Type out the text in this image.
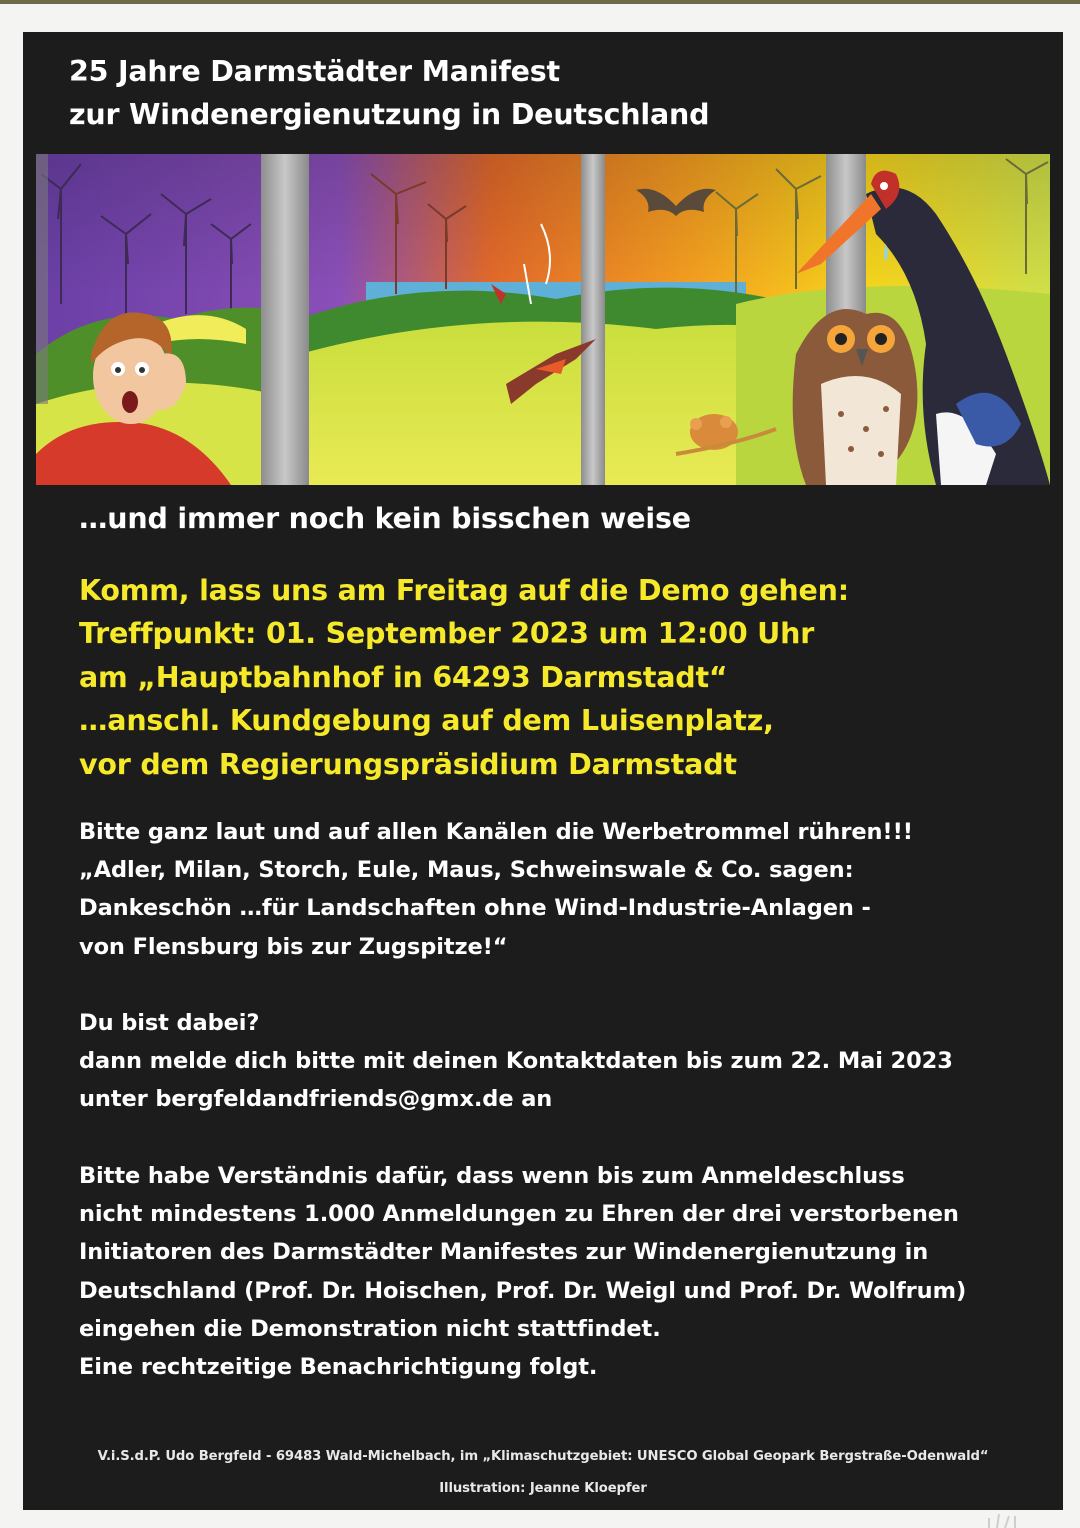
25 Jahre Darmstädter Manifest
zur Windenergienutzung in Deutschland

…und immer noch kein bisschen weise

Komm, lass uns am Freitag auf die Demo gehen:
Treffpunkt: 01. September 2023 um 12:00 Uhr
am „Hauptbahnhof in 64293 Darmstadt“
…anschl. Kundgebung auf dem Luisenplatz,
vor dem Regierungspräsidium Darmstadt
Bitte ganz laut und auf allen Kanälen die Werbetrommel rühren!!!
„Adler, Milan, Storch, Eule, Maus, Schweinswale & Co. sagen:
Dankeschön …für Landschaften ohne Wind-Industrie-Anlagen -
von Flensburg bis zur Zugspitze!“
Du bist dabei?
dann melde dich bitte mit deinen Kontaktdaten bis zum 22. Mai 2023
unter bergfeldandfriends@gmx.de an
Bitte habe Verständnis dafür, dass wenn bis zum Anmeldeschluss
nicht mindestens 1.000 Anmeldungen zu Ehren der drei verstorbenen
Initiatoren des Darmstädter Manifestes zur Windenergienutzung in
Deutschland (Prof. Dr. Hoischen, Prof. Dr. Weigl und Prof. Dr. Wolfrum)
eingehen die Demonstration nicht stattfindet.
Eine rechtzeitige Benachrichtigung folgt.
V.i.S.d.P. Udo Bergfeld - 69483 Wald-Michelbach, im „Klimaschutzgebiet: UNESCO Global Geopark Bergstraße-Odenwald“
Illustration: Jeanne Kloepfer
